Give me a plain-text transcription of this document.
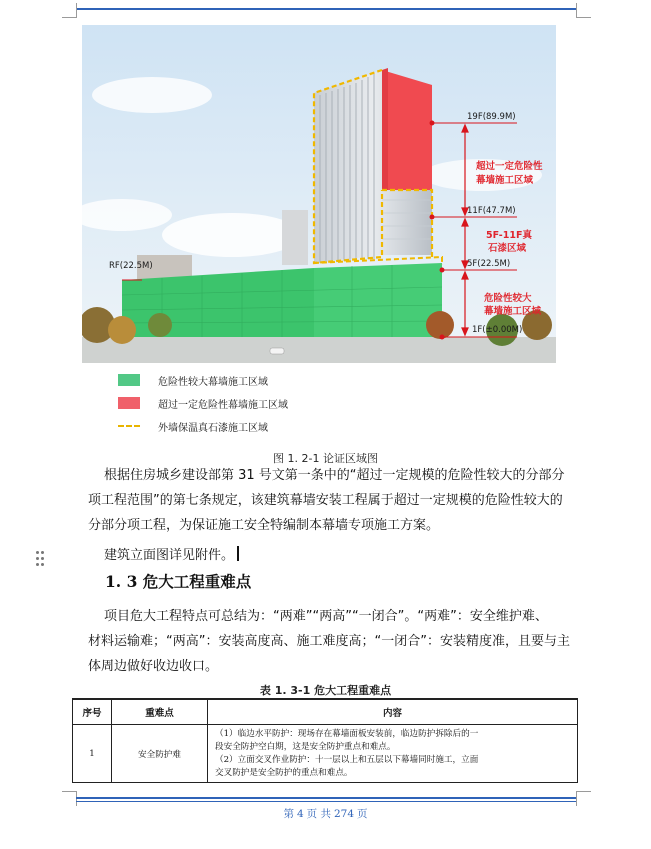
19F(89.9M)
11F(47.7M)
5F(22.5M)
1F(±0.00M)
RF(22.5M)
超过一定危险性
幕墙施工区域
5F-11F真
石漆区域
危险性较大
幕墙施工区域
危险性较大幕墙施工区域
超过一定危险性幕墙施工区域
外墙保温真石漆施工区域
图 1. 2-1 论证区域图
根据住房城乡建设部第 31 号文第一条中的“超过一定规模的危险性较大的分部分
项工程范围”的第七条规定，该建筑幕墙安装工程属于超过一定规模的危险性较大的
分部分项工程，为保证施工安全特编制本幕墙专项施工方案。
建筑立面图详见附件。
1. 3 危大工程重难点
项目危大工程特点可总结为：“两难”“两高”“一闭合”。“两难”：安全维护难、
材料运输难；“两高”：安装高度高、施工难度高；“一闭合”：安装精度准，且要与主
体周边做好收边收口。
表 1. 3-1 危大工程重难点
序号	重难点	内容
1	安全防护难	（1）临边水平防护：现场存在幕墙面板安装前，临边防护拆除后的一
段安全防护空白期，这是安全防护重点和难点。
（2）立面交叉作业防护：十一层以上和五层以下幕墙同时施工，立面
交叉防护是安全防护的重点和难点。
第 4 页 共 274 页
